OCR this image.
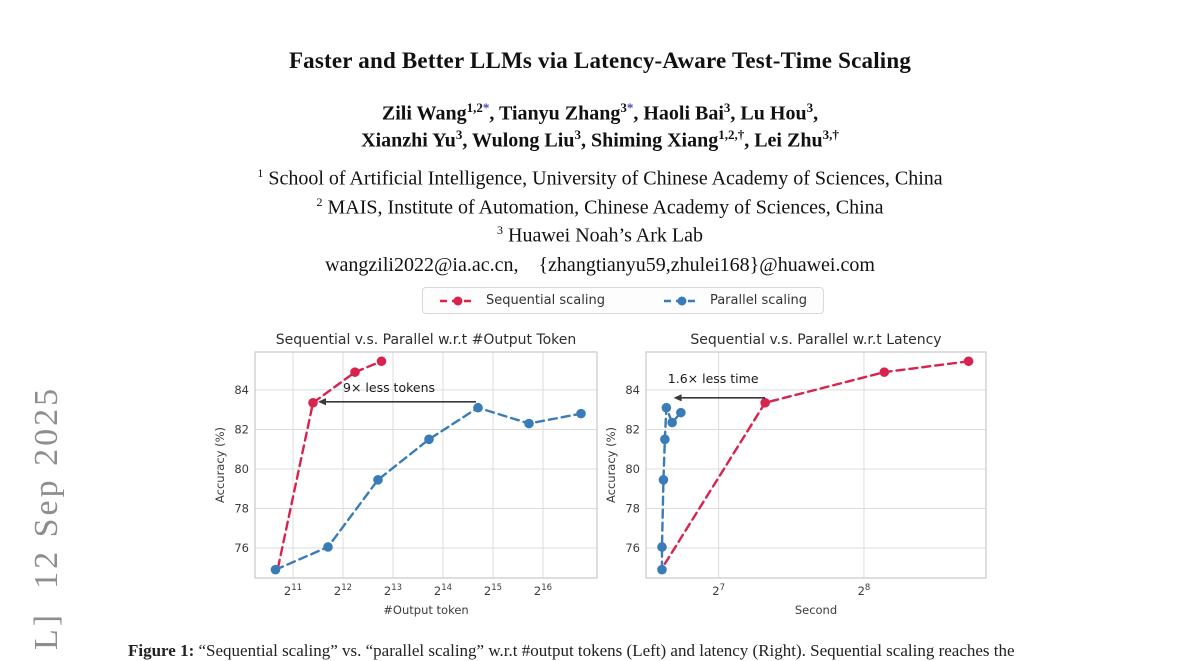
Faster and Better LLMs via Latency-Aware Test-Time Scaling
Zili Wang$^{1,2*}$, Tianyu Zhang$^{3*}$, Haoli Bai$^3$, Lu Hou$^3$,
Xianzhi Yu$^3$, Wulong Liu$^3$, Shiming Xiang$^{1,2,\dagger}$, Lei Zhu$^{3,\dagger}$
$^1$ School of Artificial Intelligence, University of Chinese Academy of Sciences, China
$^2$ MAIS, Institute of Automation, Chinese Academy of Sciences, China
$^3$ Huawei Noah’s Ark Lab
wangzili2022@ia.ac.cn,    {zhangtianyu59,zhulei168}@huawei.com
Sequential scaling	Parallel scaling
76
78
80
82
84
$2^{11}$	$2^{12}$	$2^{13}$	$2^{14}$	$2^{15}$	$2^{16}$
9× less tokens
Sequential v.s. Parallel w.r.t #Output Token
#Output token
Accuracy (%)
76
78
80
82
84
$2^7$	$2^8$
1.6× less time
Sequential v.s. Parallel w.r.t Latency
Second
Accuracy (%)
L]  12 Sep 2025
Figure 1: “Sequential scaling” vs. “parallel scaling” w.r.t #output tokens (Left) and latency (Right). Sequential scaling reaches the
